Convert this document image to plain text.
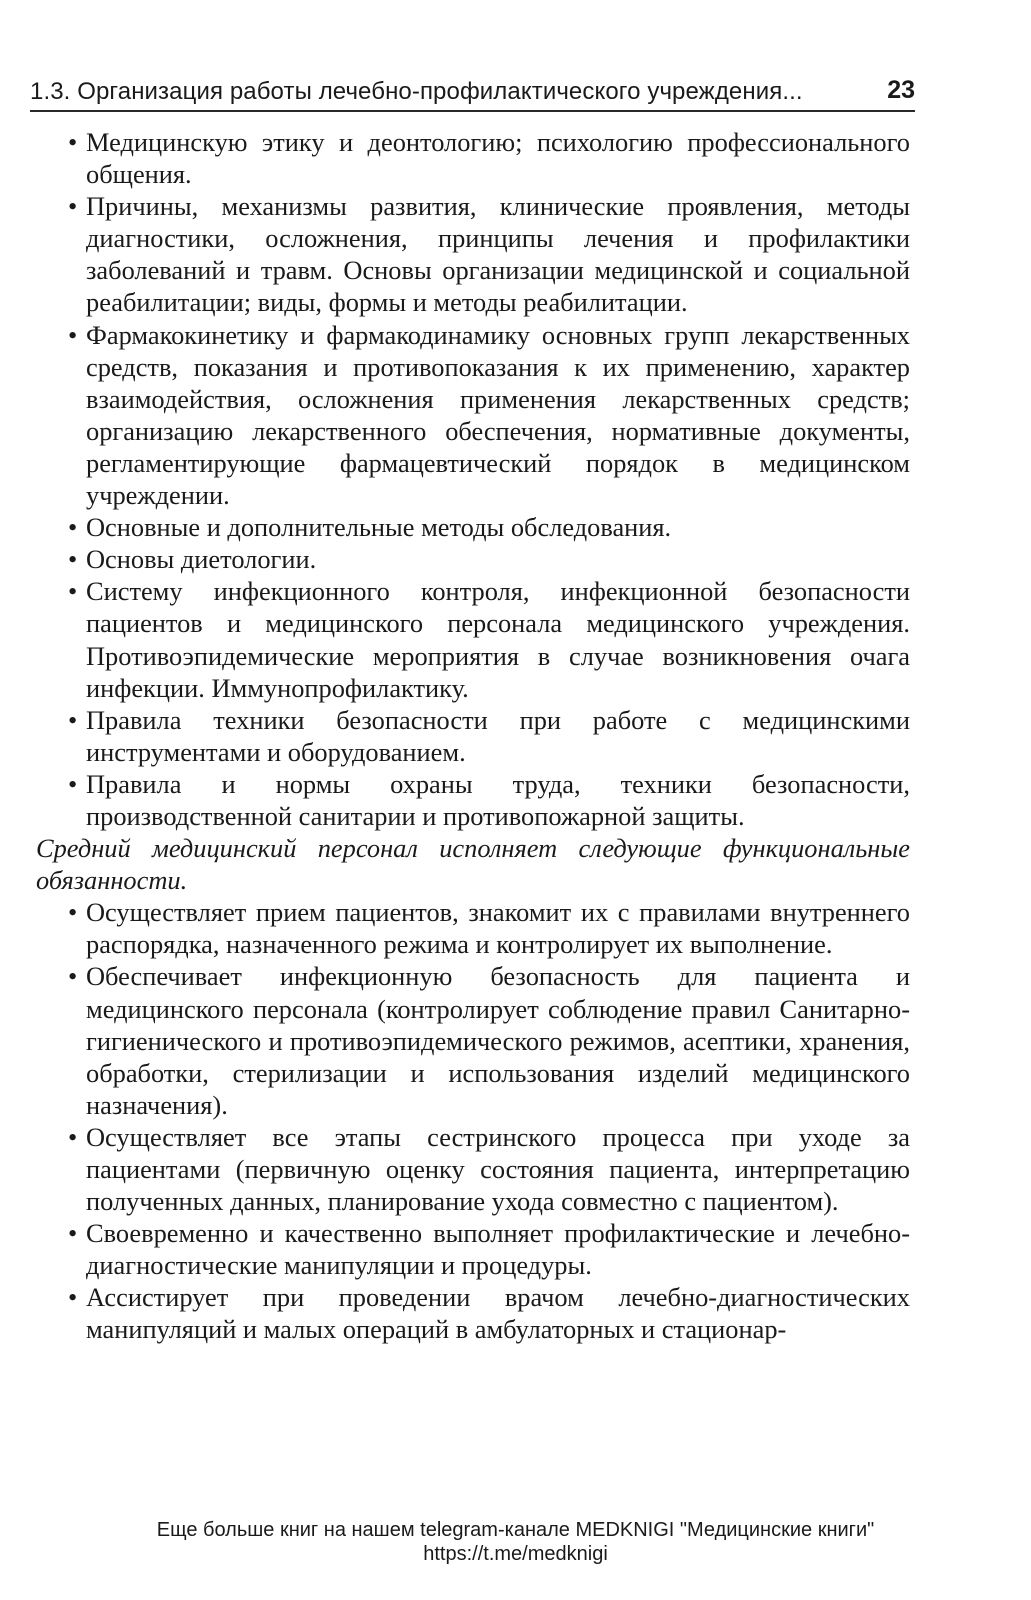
1.3. Организация работы лечебно-профилактического учреждения...	23
• Медицинскую этику и деонтологию; психологию профессионального общения.
• Причины, механизмы развития, клинические проявления, методы диагностики, осложнения, принципы лечения и профилактики заболеваний и травм. Основы организации медицинской и социальной реабилитации; виды, формы и методы реабилитации.
• Фармакокинетику и фармакодинамику основных групп лекарственных средств, показания и противопоказания к их применению, характер взаимодействия, осложнения применения лекарственных средств; организацию лекарственного обеспечения, нормативные документы, регламентирующие фармацевтический порядок в медицинском учреждении.
• Основные и дополнительные методы обследования.
• Основы диетологии.
• Систему инфекционного контроля, инфекционной безопасности пациентов и медицинского персонала медицинского учреждения. Противоэпидемические мероприятия в случае возникновения очага инфекции. Иммунопрофилактику.
• Правила техники безопасности при работе с медицинскими инструментами и оборудованием.
• Правила и нормы охраны труда, техники безопасности, производственной санитарии и противопожарной защиты.
Средний медицинский персонал исполняет следующие функциональные обязанности.
• Осуществляет прием пациентов, знакомит их с правилами внутреннего распорядка, назначенного режима и контролирует их выполнение.
• Обеспечивает инфекционную безопасность для пациента и медицинского персонала (контролирует соблюдение правил Санитарно-гигиенического и противоэпидемического режимов, асептики, хранения, обработки, стерилизации и использования изделий медицинского назначения).
• Осуществляет все этапы сестринского процесса при уходе за пациентами (первичную оценку состояния пациента, интерпретацию полученных данных, планирование ухода совместно с пациентом).
• Своевременно и качественно выполняет профилактические и лечебно-диагностические манипуляции и процедуры.
• Ассистирует при проведении врачом лечебно-диагностических манипуляций и малых операций в амбулаторных и стационар-
Еще больше книг на нашем telegram-канале MEDKNIGI "Медицинские книги"
https://t.me/medknigi
